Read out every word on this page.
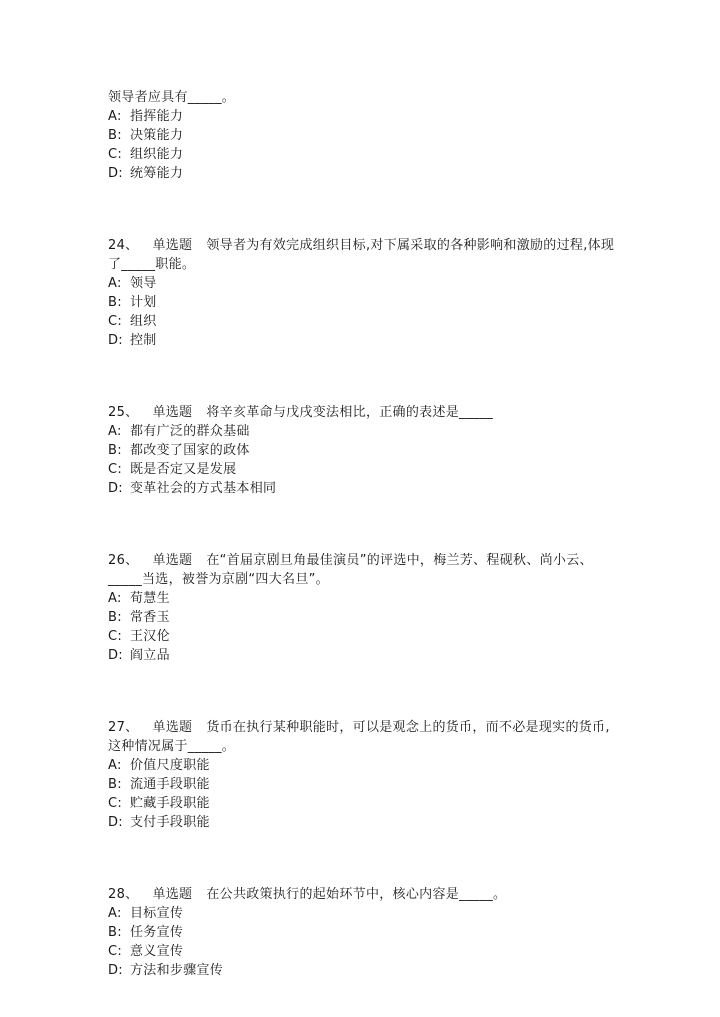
领导者应具有_____。
A: 指挥能力
B: 决策能力
C: 组织能力
D: 统筹能力
24、 单选题 领导者为有效完成组织目标,对下属采取的各种影响和激励的过程,体现了_____职能。
A: 领导
B: 计划
C: 组织
D: 控制
25、 单选题 将辛亥革命与戊戌变法相比，正确的表述是_____
A: 都有广泛的群众基础
B: 都改变了国家的政体
C: 既是否定又是发展
D: 变革社会的方式基本相同
26、 单选题 在“首届京剧旦角最佳演员”的评选中，梅兰芳、程砚秋、尚小云、_____当选，被誉为京剧“四大名旦”。
A: 荀慧生
B: 常香玉
C: 王汉伦
D: 阎立品
27、 单选题 货币在执行某种职能时，可以是观念上的货币，而不必是现实的货币,这种情况属于_____。
A: 价值尺度职能
B: 流通手段职能
C: 贮藏手段职能
D: 支付手段职能
28、 单选题 在公共政策执行的起始环节中，核心内容是_____。
A: 目标宣传
B: 任务宣传
C: 意义宣传
D: 方法和步骤宣传
